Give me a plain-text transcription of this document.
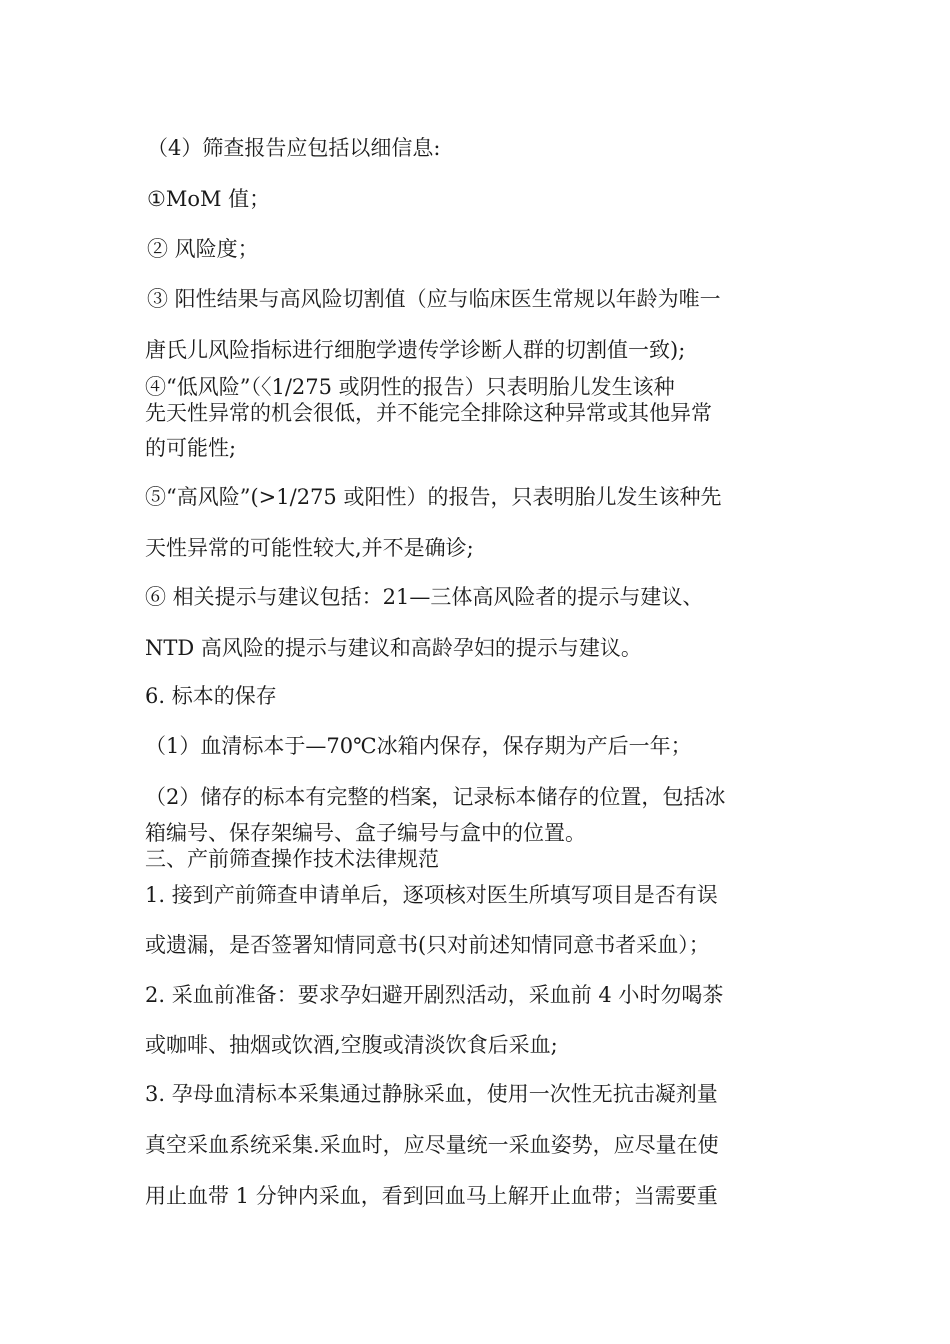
（4）筛查报告应包括以细信息:
①MoM 值；
② 风险度；
③ 阳性结果与高风险切割值（应与临床医生常规以年龄为唯一
唐氏儿风险指标进行细胞学遗传学诊断人群的切割值一致);
④“低风险”（〈1/275 或阴性的报告）只表明胎儿发生该种
先天性异常的机会很低，并不能完全排除这种异常或其他异常
的可能性;
⑤“高风险”(>1/275 或阳性）的报告，只表明胎儿发生该种先
天性异常的可能性较大,并不是确诊;
⑥ 相关提示与建议包括：21—三体高风险者的提示与建议、
NTD 高风险的提示与建议和高龄孕妇的提示与建议。
6. 标本的保存
（1）血清标本于—70℃冰箱内保存，保存期为产后一年；
（2）储存的标本有完整的档案，记录标本储存的位置，包括冰
箱编号、保存架编号、盒子编号与盒中的位置。
三、产前筛查操作技术法律规范
1. 接到产前筛查申请单后，逐项核对医生所填写项目是否有误
或遗漏，是否签署知情同意书(只对前述知情同意书者采血）；
2. 采血前准备：要求孕妇避开剧烈活动，采血前 4 小时勿喝茶
或咖啡、抽烟或饮酒,空腹或清淡饮食后采血;
3. 孕母血清标本采集通过静脉采血，使用一次性无抗击凝剂量
真空采血系统采集.采血时，应尽量统一采血姿势，应尽量在使
用止血带 1 分钟内采血，看到回血马上解开止血带；当需要重
